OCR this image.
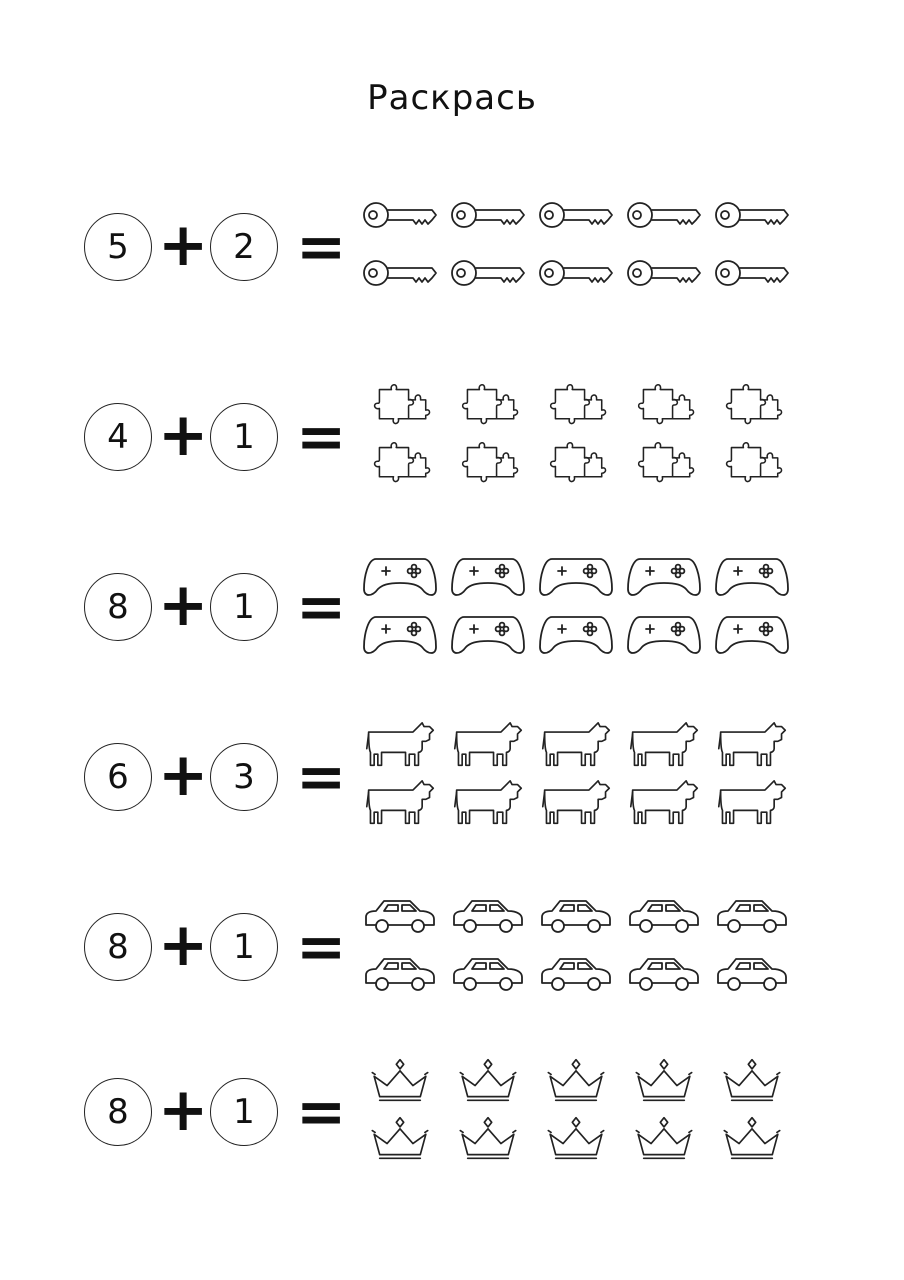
Раскрась
5 + 2 =
4 + 1 =
8 + 1 =
6 + 3 =
8 + 1 =
8 + 1 =
